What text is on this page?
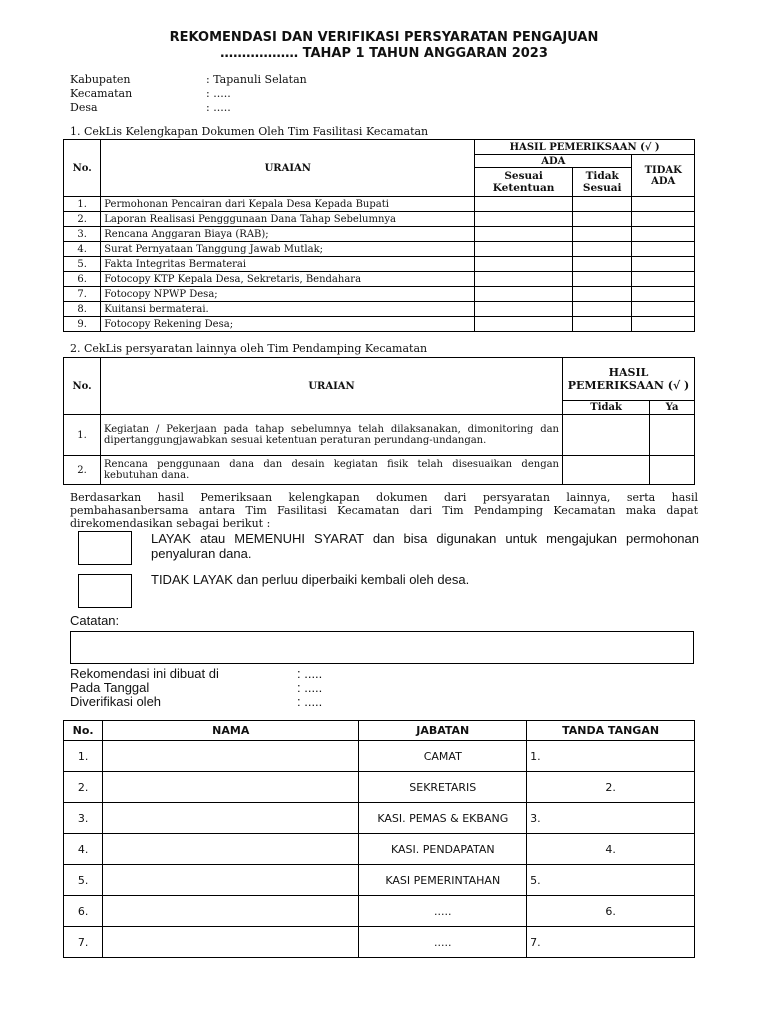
REKOMENDASI DAN VERIFIKASI PERSYARATAN PENGAJUAN
……………… TAHAP 1 TAHUN ANGGARAN 2023
Kabupaten	: Tapanuli Selatan
Kecamatan	: .....
Desa	: .....
1. CekLis Kelengkapan Dokumen Oleh Tim Fasilitasi Kecamatan
No.	URAIAN	HASIL PEMERIKSAAN (√ )		
		ADA		TIDAK ADA
		Sesuai Ketentuan	Tidak Sesuai	
1.	Permohonan Pencairan dari Kepala Desa Kepada Bupati			
2.	Laporan Realisasi Pengggunaan Dana Tahap Sebelumnya			
3.	Rencana Anggaran Biaya (RAB);			
4.	Surat Pernyataan Tanggung Jawab Mutlak;			
5.	Fakta Integritas Bermaterai			
6.	Fotocopy KTP Kepala Desa, Sekretaris, Bendahara			
7.	Fotocopy NPWP Desa;			
8.	Kuitansi bermaterai.			
9.	Fotocopy Rekening Desa;			
2. CekLis persyaratan lainnya oleh Tim Pendamping Kecamatan
No.	URAIAN	HASIL PEMERIKSAAN (√ )	
		Tidak	Ya
1.	Kegiatan / Pekerjaan pada tahap sebelumnya telah dilaksanakan, dimonitoring dan dipertanggungjawabkan sesuai ketentuan peraturan perundang-undangan.		
2.	Rencana penggunaan dana dan desain kegiatan fisik telah disesuaikan dengan kebutuhan dana.		
Berdasarkan hasil Pemeriksaan kelengkapan dokumen dari persyaratan lainnya, serta hasil pembahasanbersama antara Tim Fasilitasi Kecamatan dari Tim Pendamping Kecamatan maka dapat direkomendasikan sebagai berikut :
LAYAK atau MEMENUHI SYARAT dan bisa digunakan untuk mengajukan permohonan penyaluran dana.
TIDAK LAYAK dan perluu diperbaiki kembali oleh desa.
Catatan:
Rekomendasi ini dibuat di	: .....
Pada Tanggal	: .....
Diverifikasi oleh	: .....
No.	NAMA	JABATAN	TANDA TANGAN
1.		CAMAT	1.
2.		SEKRETARIS	2.
3.		KASI. PEMAS & EKBANG	3.
4.		KASI. PENDAPATAN	4.
5.		KASI PEMERINTAHAN	5.
6.		.....	6.
7.		.....	7.
